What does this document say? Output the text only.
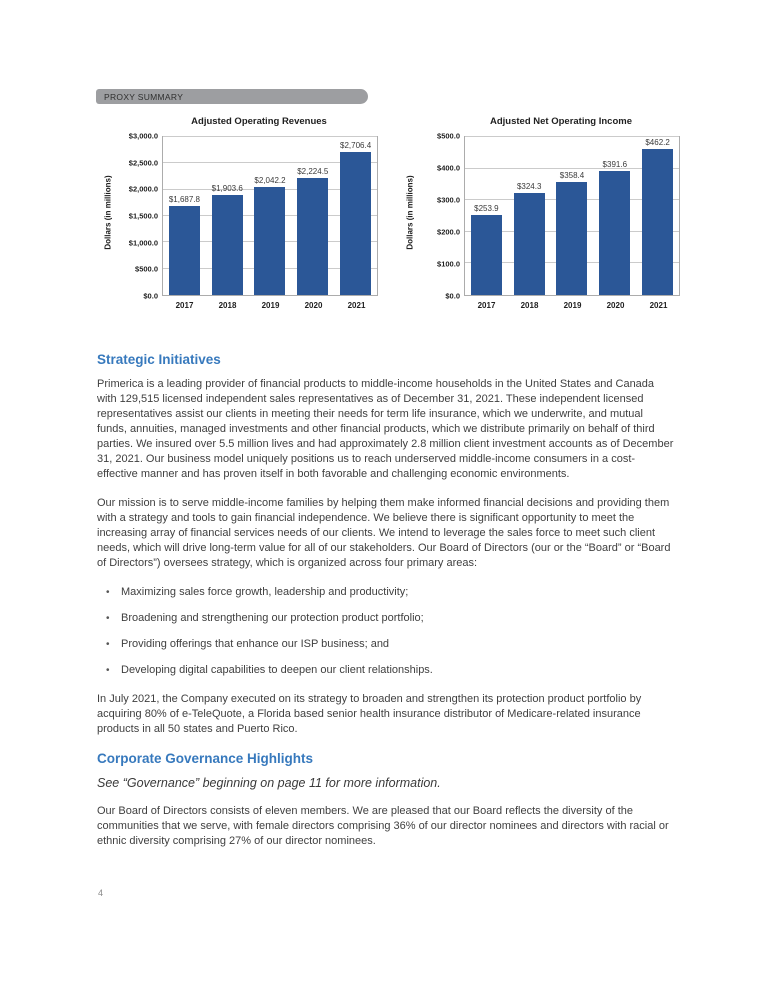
PROXY SUMMARY
Adjusted Operating Revenues
Dollars (in millions)
$0.0
$500.0
$1,000.0
$1,500.0
$2,000.0
$2,500.0
$3,000.0
$1,687.8
$1,903.6
$2,042.2
$2,224.5
$2,706.4
2017	2018	2019	2020	2021
Adjusted Net Operating Income
Dollars (in millions)
$0.0
$100.0
$200.0
$300.0
$400.0
$500.0
$253.9
$324.3
$358.4
$391.6
$462.2
2017	2018	2019	2020	2021
Strategic Initiatives

Primerica is a leading provider of financial products to middle-income households in the United States and Canada with 129,515 licensed independent sales representatives as of December 31, 2021. These independent licensed representatives assist our clients in meeting their needs for term life insurance, which we underwrite, and mutual funds, annuities, managed investments and other financial products, which we distribute primarily on behalf of third parties. We insured over 5.5 million lives and had approximately 2.8 million client investment accounts as of December 31, 2021. Our business model uniquely positions us to reach underserved middle-income consumers in a cost-effective manner and has proven itself in both favorable and challenging economic environments.

Our mission is to serve middle-income families by helping them make informed financial decisions and providing them with a strategy and tools to gain financial independence. We believe there is significant opportunity to meet the increasing array of financial services needs of our clients. We intend to leverage the sales force to meet such client needs, which will drive long-term value for all of our stakeholders. Our Board of Directors (our or the “Board” or “Board of Directors”) oversees strategy, which is organized across four primary areas:

• Maximizing sales force growth, leadership and productivity;
• Broadening and strengthening our protection product portfolio;
• Providing offerings that enhance our ISP business; and
• Developing digital capabilities to deepen our client relationships.

In July 2021, the Company executed on its strategy to broaden and strengthen its protection product portfolio by acquiring 80% of e-TeleQuote, a Florida based senior health insurance distributor of Medicare-related insurance products in all 50 states and Puerto Rico.

Corporate Governance Highlights

See “Governance” beginning on page 11 for more information.

Our Board of Directors consists of eleven members. We are pleased that our Board reflects the diversity of the communities that we serve, with female directors comprising 36% of our director nominees and directors with racial or ethnic diversity comprising 27% of our director nominees.

4
